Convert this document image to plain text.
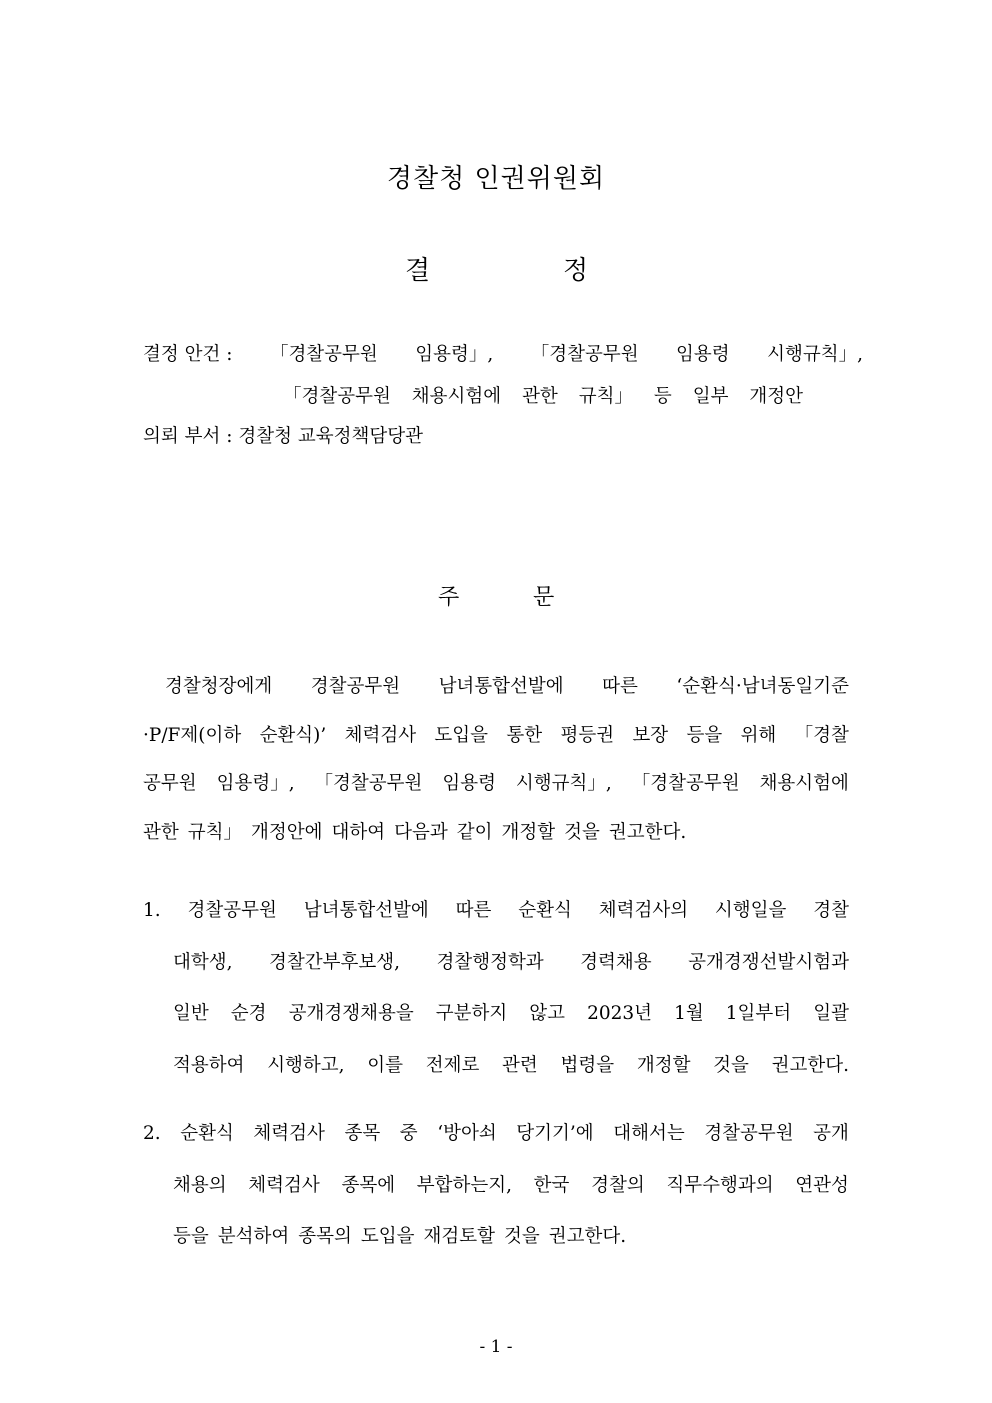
경찰청 인권위원회
결	정
결정 안건 : 「경찰공무원 임용령」, 「경찰공무원 임용령 시행규칙」,
「경찰공무원 채용시험에 관한 규칙」 등 일부 개정안
의뢰 부서 : 경찰청 교육정책담당관
주	문
경찰청장에게 경찰공무원 남녀통합선발에 따른 ‘순환식·남녀동일기준
·P/F제(이하 순환식)’ 체력검사 도입을 통한 평등권 보장 등을 위해 「경찰
공무원 임용령」, 「경찰공무원 임용령 시행규칙」, 「경찰공무원 채용시험에
관한 규칙」 개정안에 대하여 다음과 같이 개정할 것을 권고한다.
1. 경찰공무원 남녀통합선발에 따른 순환식 체력검사의 시행일을 경찰
대학생, 경찰간부후보생, 경찰행정학과 경력채용 공개경쟁선발시험과
일반 순경 공개경쟁채용을 구분하지 않고 2023년 1월 1일부터 일괄
적용하여 시행하고, 이를 전제로 관련 법령을 개정할 것을 권고한다.
2. 순환식 체력검사 종목 중 ‘방아쇠 당기기’에 대해서는 경찰공무원 공개
채용의 체력검사 종목에 부합하는지, 한국 경찰의 직무수행과의 연관성
등을 분석하여 종목의 도입을 재검토할 것을 권고한다.
- 1 -
